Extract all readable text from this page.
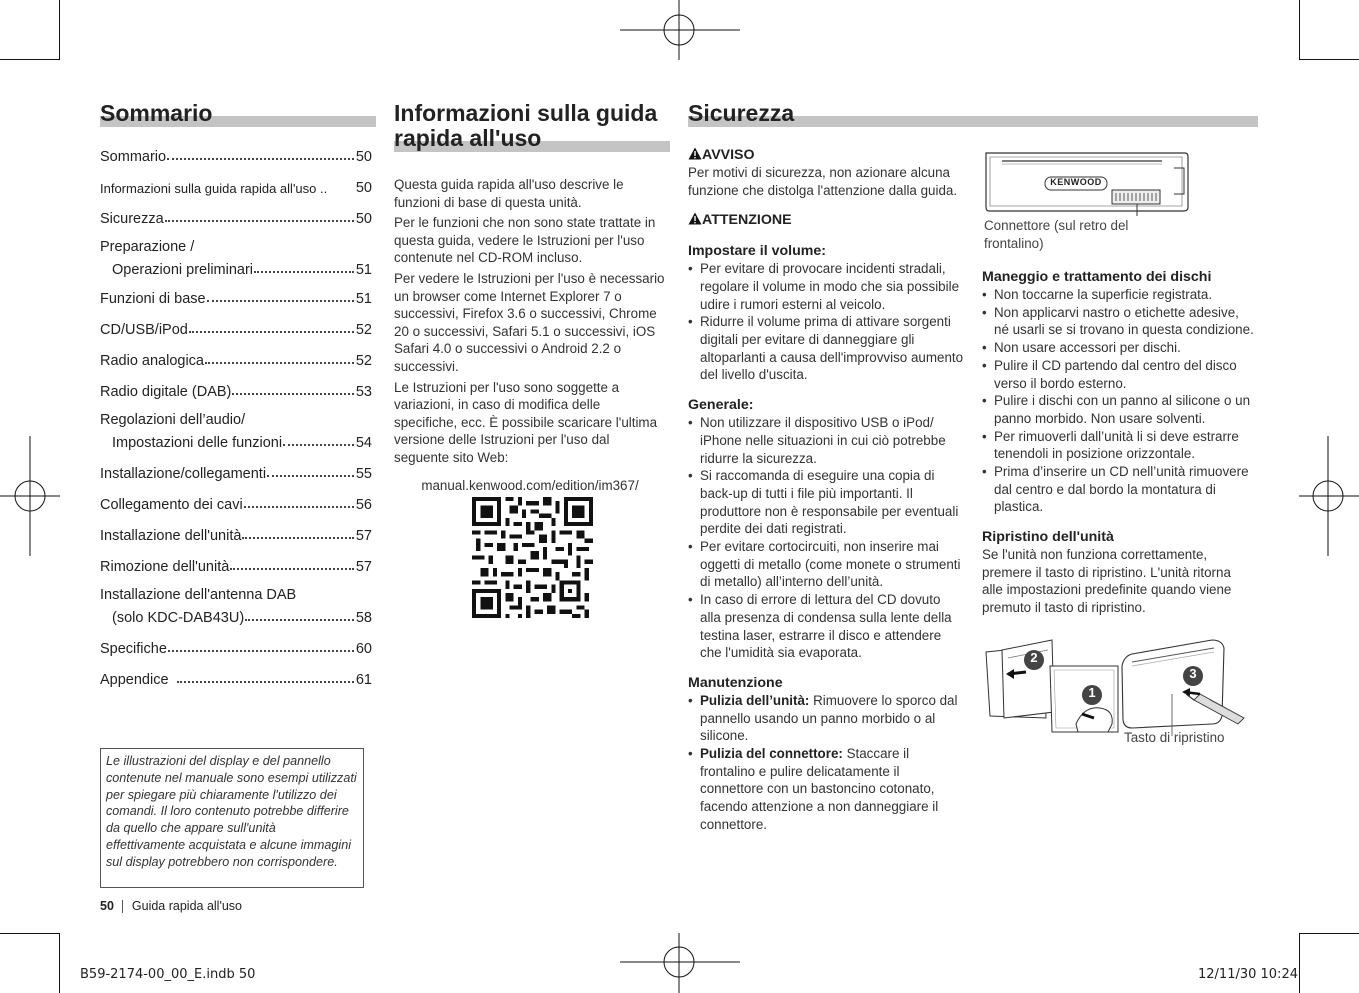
Sommario
Sommario	50
Informazioni sulla guida rapida all'uso .. 50
Sicurezza	50
Preparazione /
Operazioni preliminari	51
Funzioni di base	51
CD/USB/iPod	52
Radio analogica	52
Radio digitale (DAB)	53
Regolazioni dell’audio/
Impostazioni delle funzioni	54
Installazione/collegamenti	55
Collegamento dei cavi	56
Installazione dell'unità	57
Rimozione dell'unità	57
Installazione dell'antenna DAB
(solo KDC-DAB43U)	58
Specifiche	60
Appendice	61
Le illustrazioni del display e del pannello contenute nel manuale sono esempi utilizzati per spiegare più chiaramente l'utilizzo dei comandi. Il loro contenuto potrebbe differire da quello che appare sull'unità effettivamente acquistata e alcune immagini sul display potrebbero non corrispondere.
50 Guida rapida all'uso
Informazioni sulla guida
rapida all'uso

Questa guida rapida all'uso descrive le funzioni di base di questa unità.

Per le funzioni che non sono state trattate in questa guida, vedere le Istruzioni per l'uso contenute nel CD-ROM incluso.

Per vedere le Istruzioni per l'uso è necessario un browser come Internet Explorer 7 o successivi, Firefox 3.6 o successivi, Chrome 20 o successivi, Safari 5.1 o successivi, iOS Safari 4.0 o successivi o Android 2.2 o successivi.

Le Istruzioni per l'uso sono soggette a variazioni, in caso di modifica delle specifiche, ecc. È possibile scaricare l'ultima versione delle Istruzioni per l'uso dal seguente sito Web:

manual.kenwood.com/edition/im367/
Sicurezza
AVVISO

Per motivi di sicurezza, non azionare alcuna funzione che distolga l'attenzione dalla guida.

ATTENZIONE
Impostare il volume:
• Per evitare di provocare incidenti stradali, regolare il volume in modo che sia possibile udire i rumori esterni al veicolo.
• Ridurre il volume prima di attivare sorgenti digitali per evitare di danneggiare gli altoparlanti a causa dell'improvviso aumento del livello d'uscita.
Generale:
• Non utilizzare il dispositivo USB o iPod/ iPhone nelle situazioni in cui ciò potrebbe ridurre la sicurezza.
• Si raccomanda di eseguire una copia di back-up di tutti i file più importanti. Il produttore non è responsabile per eventuali perdite dei dati registrati.
• Per evitare cortocircuiti, non inserire mai oggetti di metallo (come monete o strumenti di metallo) all’interno dell’unità.
• In caso di errore di lettura del CD dovuto alla presenza di condensa sulla lente della testina laser, estrarre il disco e attendere che l'umidità sia evaporata.
Manutenzione
• Pulizia dell’unità: Rimuovere lo sporco dal pannello usando un panno morbido o al silicone.
• Pulizia del connettore: Staccare il frontalino e pulire delicatamente il connettore con un bastoncino cotonato, facendo attenzione a non danneggiare il connettore.
KENWOOD
Connettore (sul retro del frontalino)
Maneggio e trattamento dei dischi
• Non toccarne la superficie registrata.
• Non applicarvi nastro o etichette adesive, né usarli se si trovano in questa condizione.
• Non usare accessori per dischi.
• Pulire il CD partendo dal centro del disco verso il bordo esterno.
• Pulire i dischi con un panno al silicone o un panno morbido. Non usare solventi.
• Per rimuoverli dall’unità li si deve estrarre tenendoli in posizione orizzontale.
• Prima d’inserire un CD nell’unità rimuovere dal centro e dal bordo la montatura di plastica.
Ripristino dell'unità

Se l'unità non funziona correttamente, premere il tasto di ripristino. L'unità ritorna alle impostazioni predefinite quando viene premuto il tasto di ripristino.

2
1
3
Tasto di ripristino
B59-2174-00_00_E.indb 50	12/11/30 10:24
